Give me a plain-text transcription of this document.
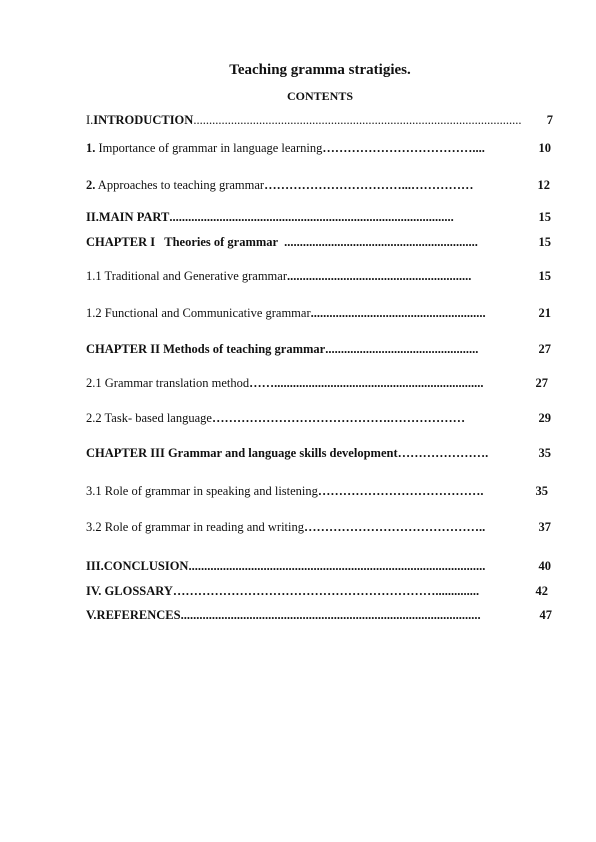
Teaching gramma stratigies.
CONTENTS
I.INTRODUCTION .........................................................................................................	7
1. Importance of grammar in language learning ………………………………....	10
2. Approaches to teaching grammar ……………………………...……………	12
II.MAIN PART ...........................................................................................	15
CHAPTER I   Theories of grammar ..............................................................	15
1.1 Traditional and Generative grammar ...........................................................	15
1.2 Functional and Communicative grammar ........................................................	21
CHAPTER II Methods of teaching grammar .................................................	27
2.1 Grammar translation method ……...................................................................	27
2.2 Task- based language …………………………………….………………	29
CHAPTER III Grammar and language skills development ………………….	35
3.1 Role of grammar in speaking and listening ………………………………….	35
3.2 Role of grammar in reading and writing ……………………………………..	37
III.CONCLUSION ...............................................................................................	40
IV. GLOSSARY ………………………………………………………..............	42
V.REFERENCES ................................................................................................	47
